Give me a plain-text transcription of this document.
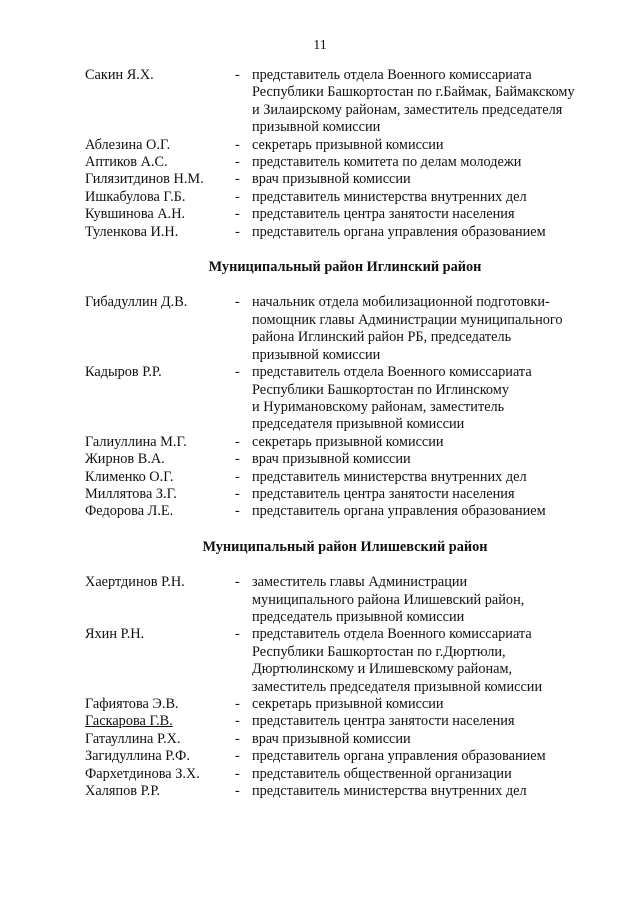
11
Сакин Я.Х.	- представитель отдела Военного комиссариата
Республики Башкортостан по г.Баймак, Баймакскому
и Зилаирскому районам, заместитель председателя
призывной комиссии
Аблезина О.Г.	- секретарь призывной комиссии
Аптиков А.С.	- представитель комитета по делам молодежи
Гилязитдинов Н.М.	- врач призывной комиссии
Ишкабулова Г.Б.	- представитель министерства внутренних дел
Кувшинова А.Н.	- представитель центра занятости населения
Туленкова И.Н.	- представитель органа управления образованием
Муниципальный район Иглинский район
Гибадуллин Д.В.	- начальник отдела мобилизационной подготовки-
помощник главы Администрации муниципального
района Иглинский район РБ, председатель
призывной комиссии
Кадыров Р.Р.	- представитель отдела Военного комиссариата
Республики Башкортостан по Иглинскому
и Нуримановскому районам, заместитель
председателя призывной комиссии
Галиуллина М.Г.	- секретарь призывной комиссии
Жирнов В.А.	- врач призывной комиссии
Клименко О.Г.	- представитель министерства внутренних дел
Миллятова З.Г.	- представитель центра занятости населения
Федорова Л.Е.	- представитель органа управления образованием
Муниципальный район Илишевский район
Хаертдинов Р.Н.	- заместитель главы Администрации
муниципального района Илишевский район,
председатель призывной комиссии
Яхин Р.Н.	- представитель отдела Военного комиссариата
Республики Башкортостан по г.Дюртюли,
Дюртюлинскому и Илишевскому районам,
заместитель председателя призывной комиссии
Гафиятова Э.В.	- секретарь призывной комиссии
Гаскарова Г.В.	- представитель центра занятости населения
Гатауллина Р.Х.	- врач призывной комиссии
Загидуллина Р.Ф.	- представитель органа управления образованием
Фархетдинова З.Х.	- представитель общественной организации
Халяпов Р.Р.	- представитель министерства внутренних дел
